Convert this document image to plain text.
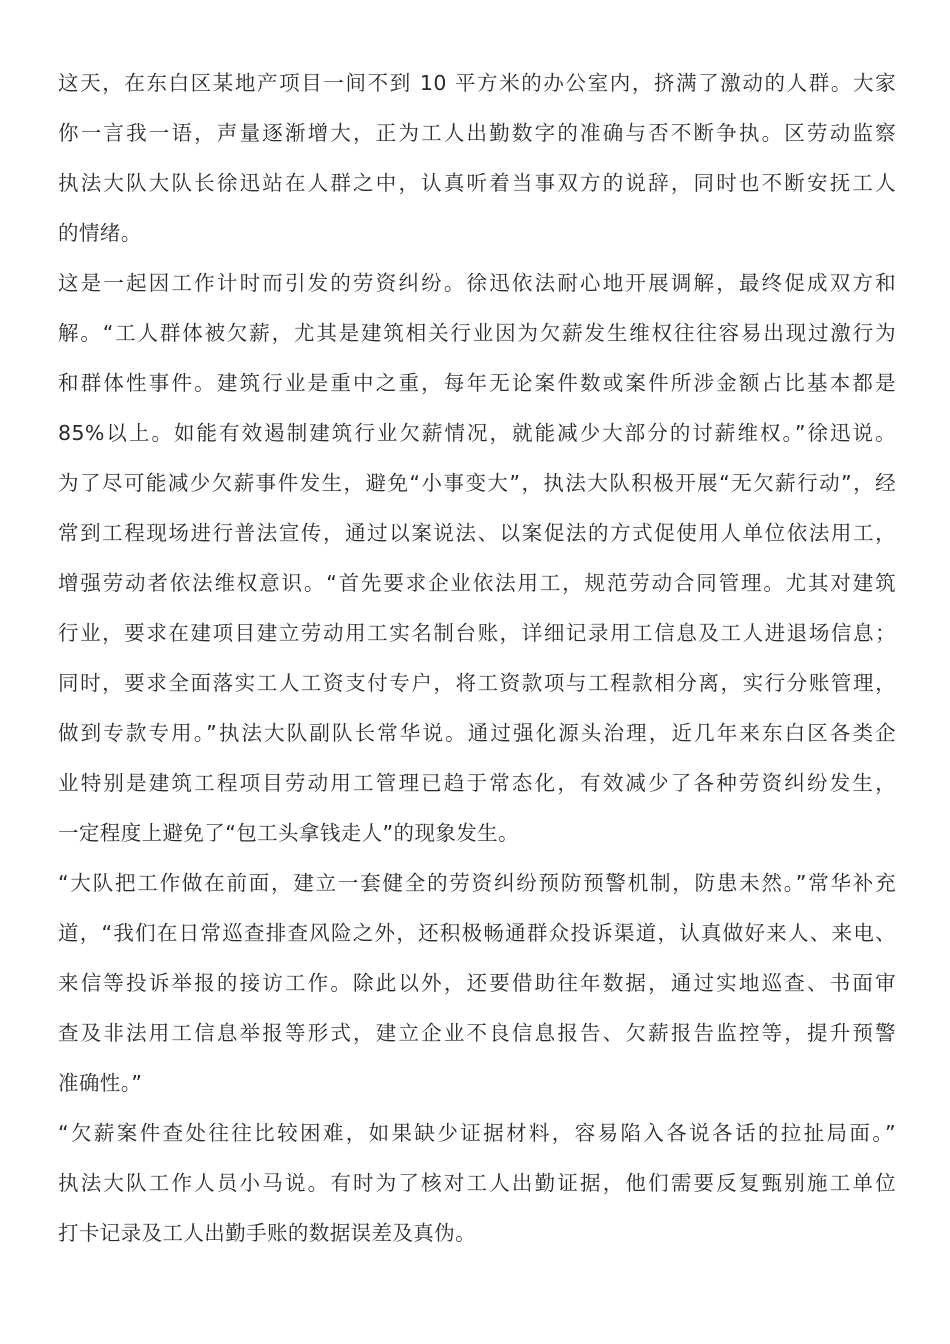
这天，在东白区某地产项目一间不到 10 平方米的办公室内，挤满了激动的人群。大家
你一言我一语，声量逐渐增大，正为工人出勤数字的准确与否不断争执。区劳动监察
执法大队大队长徐迅站在人群之中，认真听着当事双方的说辞，同时也不断安抚工人
的情绪。
这是一起因工作计时而引发的劳资纠纷。徐迅依法耐心地开展调解，最终促成双方和
解。“工人群体被欠薪，尤其是建筑相关行业因为欠薪发生维权往往容易出现过激行为
和群体性事件。建筑行业是重中之重，每年无论案件数或案件所涉金额占比基本都是
85%以上。如能有效遏制建筑行业欠薪情况，就能减少大部分的讨薪维权。”徐迅说。
为了尽可能减少欠薪事件发生，避免“小事变大”，执法大队积极开展“无欠薪行动”，经
常到工程现场进行普法宣传，通过以案说法、以案促法的方式促使用人单位依法用工，
增强劳动者依法维权意识。“首先要求企业依法用工，规范劳动合同管理。尤其对建筑
行业，要求在建项目建立劳动用工实名制台账，详细记录用工信息及工人进退场信息；
同时，要求全面落实工人工资支付专户，将工资款项与工程款相分离，实行分账管理，
做到专款专用。”执法大队副队长常华说。通过强化源头治理，近几年来东白区各类企
业特别是建筑工程项目劳动用工管理已趋于常态化，有效减少了各种劳资纠纷发生，
一定程度上避免了“包工头拿钱走人”的现象发生。
“大队把工作做在前面，建立一套健全的劳资纠纷预防预警机制，防患未然。”常华补充
道，“我们在日常巡查排查风险之外，还积极畅通群众投诉渠道，认真做好来人、来电、
来信等投诉举报的接访工作。除此以外，还要借助往年数据，通过实地巡查、书面审
查及非法用工信息举报等形式，建立企业不良信息报告、欠薪报告监控等，提升预警
准确性。”
“欠薪案件查处往往比较困难，如果缺少证据材料，容易陷入各说各话的拉扯局面。”
执法大队工作人员小马说。有时为了核对工人出勤证据，他们需要反复甄别施工单位
打卡记录及工人出勤手账的数据误差及真伪。
